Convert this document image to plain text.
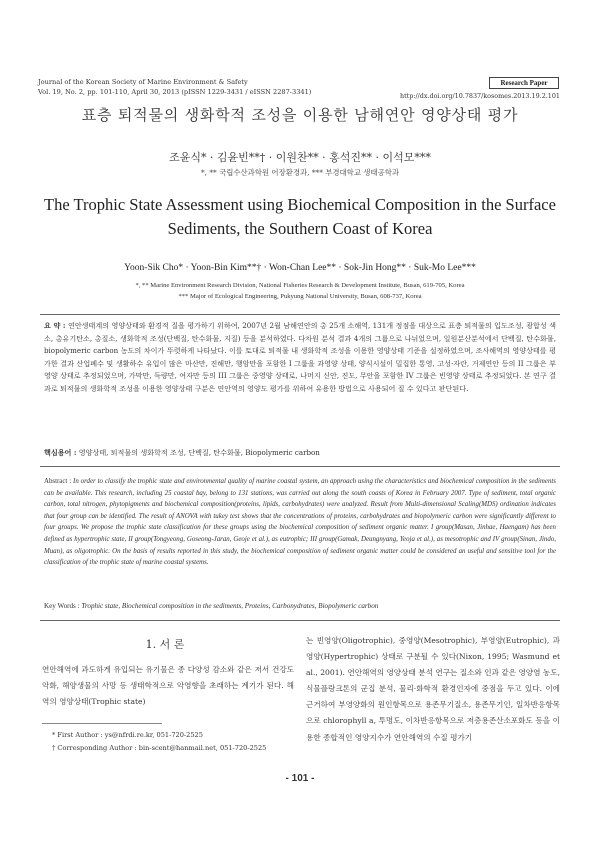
Journal of the Korean Society of Marine Environment & Safety
Vol. 19, No. 2, pp. 101-110, April 30, 2013 (pISSN 1229-3431 / eISSN 2287-3341)
Research Paper
http://dx.doi.org/10.7837/kosomes.2013.19.2.101
표층 퇴적물의 생화학적 조성을 이용한 남해연안 영양상태 평가
조윤식* · 김윤빈**† · 이원찬** · 홍석진** · 이석모***
*, ** 국립수산과학원 어장환경과, *** 부경대학교 생태공학과
The Trophic State Assessment using Biochemical Composition in the Surface
Sediments, the Southern Coast of Korea
Yoon-Sik Cho* · Yoon-Bin Kim**† · Won-Chan Lee** · Sok-Jin Hong** · Suk-Mo Lee***
*, ** Marine Environment Research Division, National Fisheries Research & Development Institute, Busan, 619-705, Korea
*** Major of Ecological Engineering, Pukyung National University, Busan, 608-737, Korea
요 약 : 연안생태계의 영양상태와 환경적 질을 평가하기 위하여, 2007년 2월 남해연안의 총 25개 소해역, 131개 정점을 대상으로 표층 퇴적물의 입도조성, 광합성 색소, 총유기탄소, 총질소, 생화학적 조성(단백질, 탄수화물, 지질) 등을 분석하였다. 다차원 분석 결과 4개의 그룹으로 나뉘었으며, 일원분산분석에서 단백질, 탄수화물, biopolymeric carbon 농도의 차이가 뚜렷하게 나타났다. 이를 토대로 퇴적물 내 생화학적 조성을 이용한 영양상태 기준을 설정하였으며, 조사해역의 영양상태를 평가한 결과 산업폐수 및 생활하수 유입이 많은 마산만, 진해만, 행암만을 포함한 I 그룹을 과영양 상태, 양식시설이 밀집한 통영, 고성·자란, 거제연안 등의 II 그룹은 부영양 상태로 추정되었으며, 가막만, 득량만, 여자만 등의 III 그룹은 중영양 상태로, 나머지 신안, 진도, 무안을 포함한 IV 그룹은 빈영양 상태로 추정되었다. 본 연구 결과로 퇴적물의 생화학적 조성을 이용한 영양상태 구분은 연안역의 영양도 평가를 위하여 유용한 방법으로 사용되어 질 수 있다고 판단된다.
핵심용어 : 영양상태, 퇴적물의 생화학적 조성, 단백질, 탄수화물, Biopolymeric carbon
Abstract : In order to classify the trophic state and environmental quality of marine coastal system, an approach using the characteristics and biochemical composition in the sediments can be available. This research, including 25 coastal bay, belong to 131 stations, was carried out along the south coasts of Korea in February 2007. Type of sediment, total organic carbon, total nitrogen, phytopigments and biochemical composition(proteins, lipids, carbohydrates) were analyzed. Result from Multi-dimensional Scaling(MDS) ordination indicates that four group can be identified. The result of ANOVA with tukey test shows that the concentrations of proteins, carbohydrates and biopolymeric carbon were significantly different to four groups. We propose the trophic state classification for these groups using the biochemical composition of sediment organic matter. I group(Masan, Jinhae, Haengam) has been defined as hypertrophic state, II group(Tongyeong, Goseong-Jaran, Geoje et al.), as eutrophic; III group(Gamak, Deungnyang, Yeoja et al.), as mesotrophic and IV group(Sinan, Jindo, Muan), as oligotrophic. On the basis of results reported in this study, the biochemical composition of sediment organic matter could be considered an useful and sensitive tool for the classification of the trophic state of marine coastal systems.
Key Words : Trophic state, Biochemical composition in the sediments, Proteins, Carbonydrates, Biopolymeric carbon
1. 서 론
연안해역에 과도하게 유입되는 유기물은 종 다양성 감소와 같은 저서 건강도 악화, 해양생물의 사망 등 생태학적으로 악영향을 초래하는 계기가 된다. 해역의 영양상태(Trophic state)
는 빈영양(Oligotrophic), 중영양(Mesotrophic), 부영양(Eutrophic), 과영양(Hypertrophic) 상태로 구분될 수 있다(Nixon, 1995; Wasmund et al., 2001). 연안해역의 영양상태 분석 연구는 질소와 인과 같은 영양염 농도, 식물플랑크톤의 군집 분석, 물리·화학적 환경인자에 중점을 두고 있다. 이에 근거하여 부영양화의 원인항목으로 용존무기질소, 용존무기인, 일차반응항목으로 chlorophyll a, 투명도, 이차반응항목으로 저층용존산소포화도 등을 이용한 종합적인 영양지수가 연안해역의 수질 평가기
* First Author : ys@nfrdi.re.kr, 051-720-2525
† Corresponding Author : bin-scent@hanmail.net, 051-720-2525
- 101 -
